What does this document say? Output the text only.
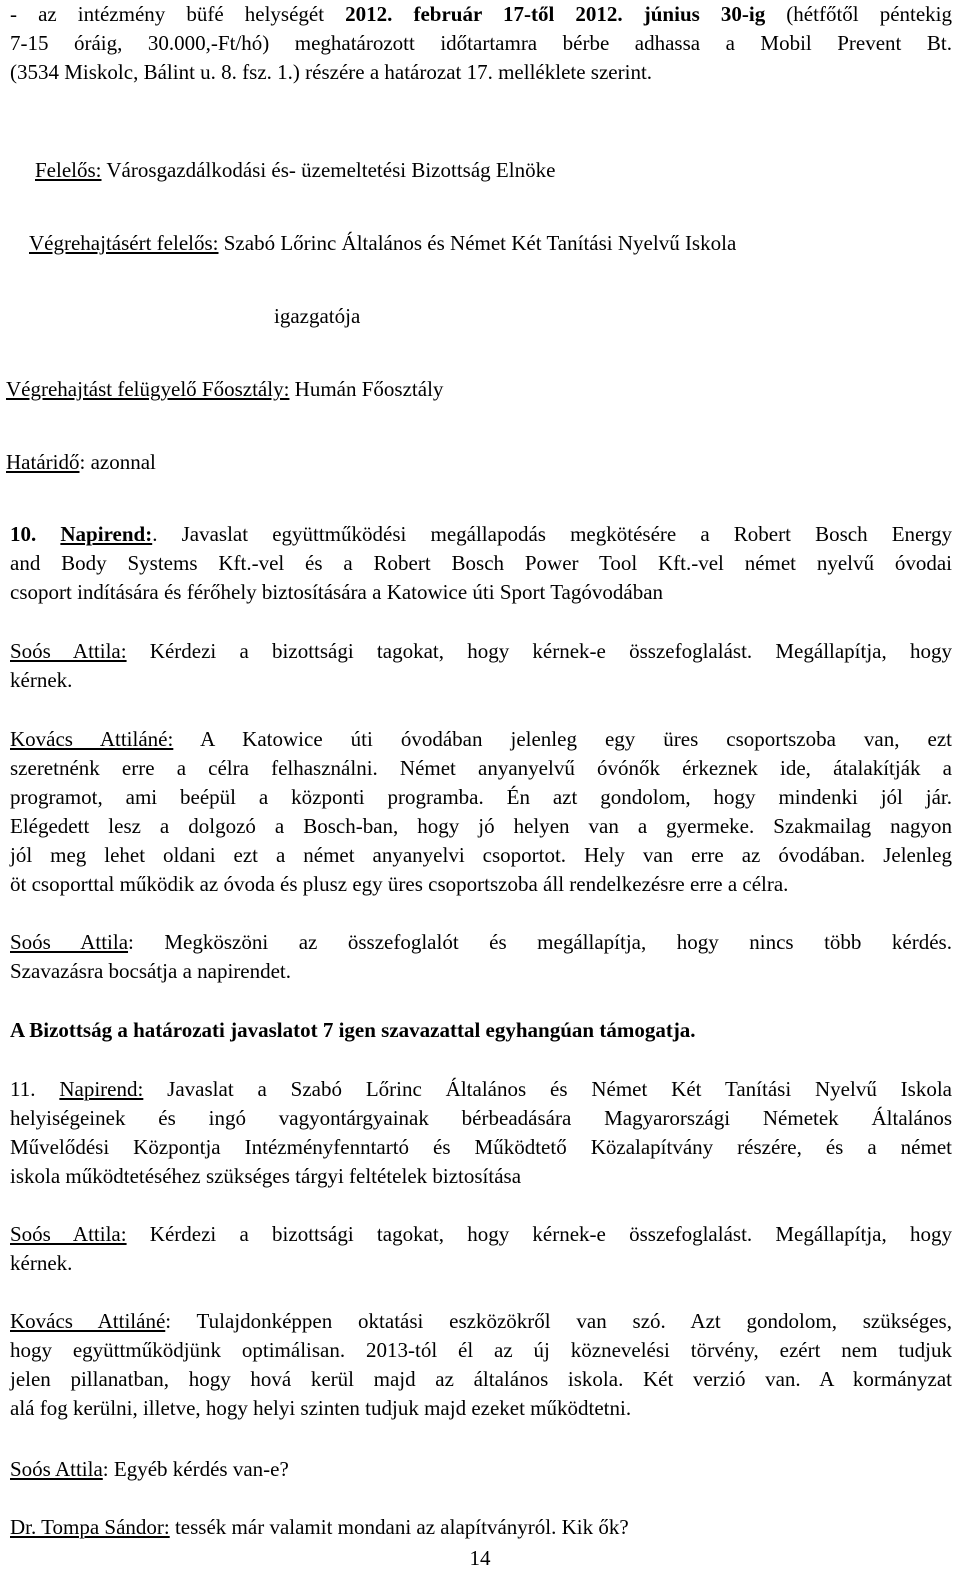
- az intézmény büfé helységét 2012. február 17-től 2012. június 30-ig (hétfőtől péntekig
7-15 óráig, 30.000,-Ft/hó) meghatározott időtartamra bérbe adhassa a Mobil Prevent Bt.
(3534 Miskolc, Bálint u. 8. fsz. 1.) részére a határozat 17. melléklete szerint.
Felelős: Városgazdálkodási és- üzemeltetési Bizottság Elnöke
Végrehajtásért felelős: Szabó Lőrinc Általános és Német Két Tanítási Nyelvű Iskola
igazgatója
Végrehajtást felügyelő Főosztály: Humán Főosztály
Határidő: azonnal
10. Napirend:. Javaslat együttműködési megállapodás megkötésére a Robert Bosch Energy
and Body Systems Kft.-vel és a Robert Bosch Power Tool Kft.-vel német nyelvű óvodai
csoport indítására és férőhely biztosítására a Katowice úti Sport Tagóvodában
Soós Attila: Kérdezi a bizottsági tagokat, hogy kérnek-e összefoglalást. Megállapítja, hogy
kérnek.
Kovács Attiláné: A Katowice úti óvodában jelenleg egy üres csoportszoba van, ezt
szeretnénk erre a célra felhasználni. Német anyanyelvű óvónők érkeznek ide, átalakítják a
programot, ami beépül a központi programba. Én azt gondolom, hogy mindenki jól jár.
Elégedett lesz a dolgozó a Bosch-ban, hogy jó helyen van a gyermeke. Szakmailag nagyon
jól meg lehet oldani ezt a német anyanyelvi csoportot. Hely van erre az óvodában. Jelenleg
öt csoporttal működik az óvoda és plusz egy üres csoportszoba áll rendelkezésre erre a célra.
Soós Attila: Megköszöni az összefoglalót és megállapítja, hogy nincs több kérdés.
Szavazásra bocsátja a napirendet.
A Bizottság a határozati javaslatot 7 igen szavazattal egyhangúan támogatja.
11. Napirend: Javaslat a Szabó Lőrinc Általános és Német Két Tanítási Nyelvű Iskola
helyiségeinek és ingó vagyontárgyainak bérbeadására Magyarországi Németek Általános
Művelődési Központja Intézményfenntartó és Működtető Közalapítvány részére, és a német
iskola működtetéséhez szükséges tárgyi feltételek biztosítása
Soós Attila: Kérdezi a bizottsági tagokat, hogy kérnek-e összefoglalást. Megállapítja, hogy
kérnek.
Kovács Attiláné: Tulajdonképpen oktatási eszközökről van szó. Azt gondolom, szükséges,
hogy együttműködjünk optimálisan. 2013-tól él az új köznevelési törvény, ezért nem tudjuk
jelen pillanatban, hogy hová kerül majd az általános iskola. Két verzió van. A kormányzat
alá fog kerülni, illetve, hogy helyi szinten tudjuk majd ezeket működtetni.
Soós Attila: Egyéb kérdés van-e?
Dr. Tompa Sándor: tessék már valamit mondani az alapítványról. Kik ők?
14
